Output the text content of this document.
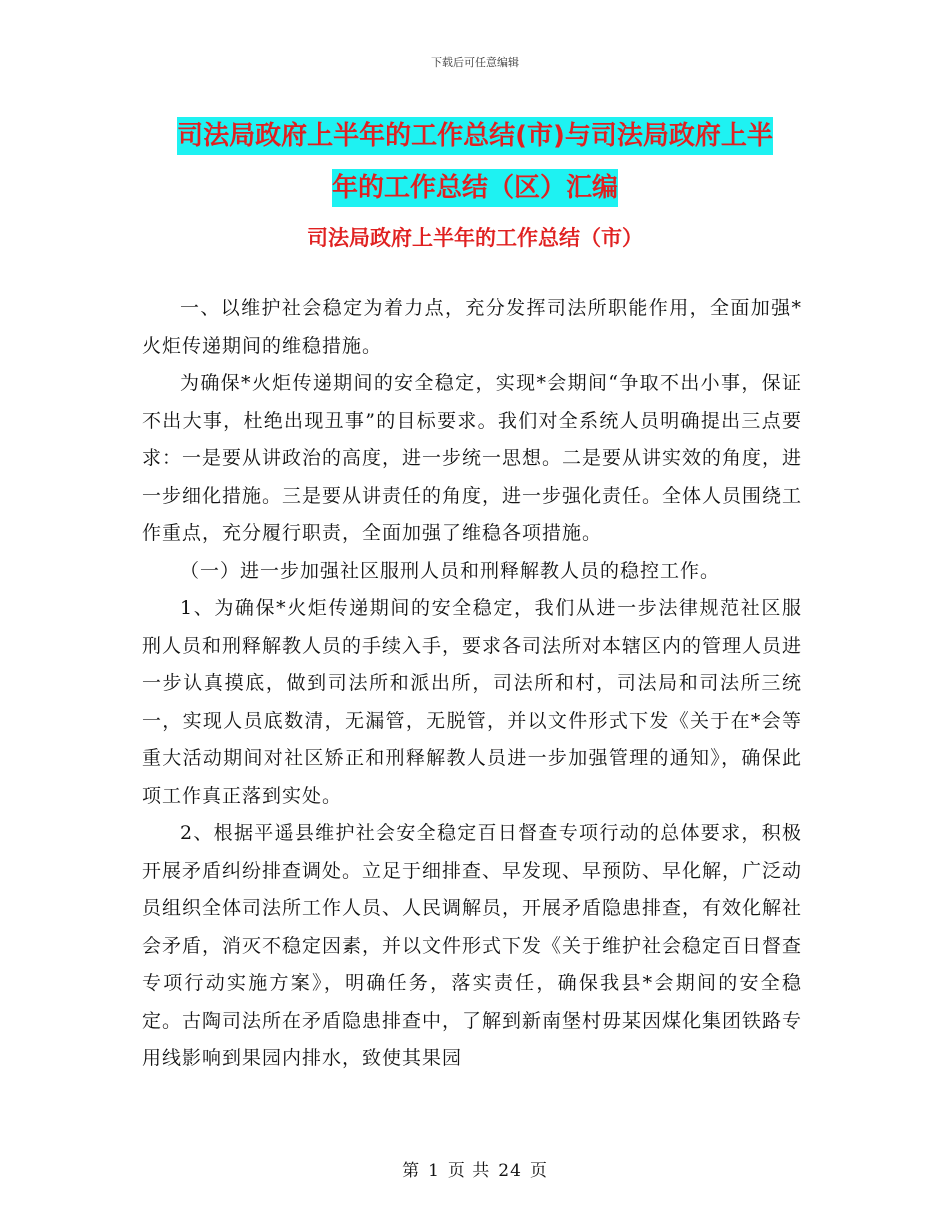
下载后可任意编辑
司法局政府上半年的工作总结(市)与司法局政府上半
年的工作总结（区）汇编
司法局政府上半年的工作总结（市）

一、以维护社会稳定为着力点，充分发挥司法所职能作用，全面加强*火炬传递期间的维稳措施。

为确保*火炬传递期间的安全稳定，实现*会期间“争取不出小事，保证不出大事，杜绝出现丑事”的目标要求。我们对全系统人员明确提出三点要求：一是要从讲政治的高度，进一步统一思想。二是要从讲实效的角度，进一步细化措施。三是要从讲责任的角度，进一步强化责任。全体人员围绕工作重点，充分履行职责，全面加强了维稳各项措施。

（一）进一步加强社区服刑人员和刑释解教人员的稳控工作。

1、为确保*火炬传递期间的安全稳定，我们从进一步法律规范社区服刑人员和刑释解教人员的手续入手，要求各司法所对本辖区内的管理人员进一步认真摸底，做到司法所和派出所，司法所和村，司法局和司法所三统一，实现人员底数清，无漏管，无脱管，并以文件形式下发《关于在*会等重大活动期间对社区矫正和刑释解教人员进一步加强管理的通知》，确保此项工作真正落到实处。

2、根据平遥县维护社会安全稳定百日督查专项行动的总体要求，积极开展矛盾纠纷排查调处。立足于细排查、早发现、早预防、早化解，广泛动员组织全体司法所工作人员、人民调解员，开展矛盾隐患排查，有效化解社会矛盾，消灭不稳定因素，并以文件形式下发《关于维护社会稳定百日督查专项行动实施方案》，明确任务，落实责任，确保我县*会期间的安全稳定。古陶司法所在矛盾隐患排查中，了解到新南堡村毋某因煤化集团铁路专用线影响到果园内排水，致使其果园

第 1 页 共 24 页
